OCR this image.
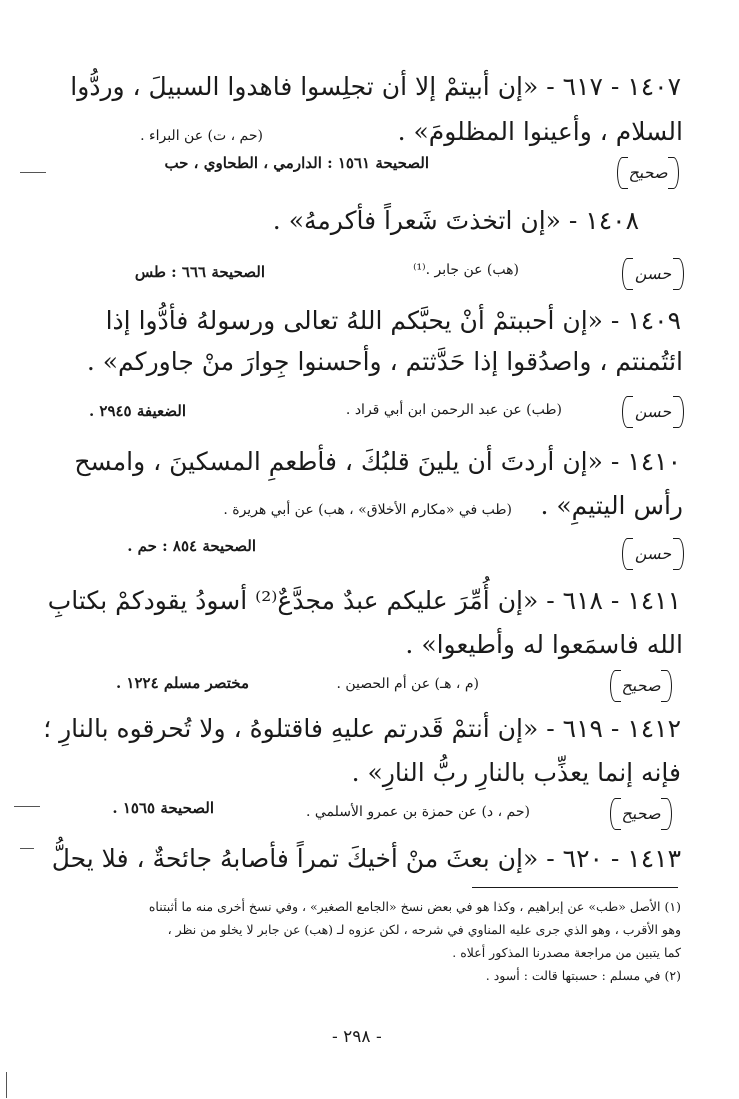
١٤٠٧ - ٦١٧ - «إن أبيتمْ إلا أن تجلِسوا فاهدوا السبيلَ ، وردُّوا
السلام ، وأعينوا المظلومَ» .
(حم ، ت) عن البراء .
الصحيحة ١٥٦١ : الدارمي ، الطحاوي ، حب	صحيح
١٤٠٨ - «إن اتخذتَ شَعراً فأكرمهُ» .
حسن
(هب) عن جابر .⁽¹⁾
الصحيحة ٦٦٦ : طس
١٤٠٩ - «إن أحببتمْ أنْ يحبَّكم اللهُ تعالى ورسولهُ فأدُّوا إذا
ائتُمنتم ، واصدُقوا إذا حَدَّثتم ، وأحسنوا جِوارَ منْ جاوركم» .
حسن
(طب) عن عبد الرحمن ابن أبي قراد .
الضعيفة ٢٩٤٥ .
١٤١٠ - «إن أردتَ أن يلينَ قلبُكَ ، فأطعمِ المسكينَ ، وامسح
رأس اليتيمِ» .
(طب في «مكارم الأخلاق» ، هب) عن أبي هريرة .
الصحيحة ٨٥٤ : حم .	حسن
١٤١١ - ٦١٨ - «إن أُمِّرَ عليكم عبدٌ مجدَّعٌ⁽²⁾ أسودُ يقودكمْ بكتابِ
الله فاسمَعوا له وأطيعوا» .
صحيح
(م ، هـ) عن أم الحصين .
مختصر مسلم ١٢٢٤ .
١٤١٢ - ٦١٩ - «إن أنتمْ قَدرتم عليهِ فاقتلوهُ ، ولا تُحرقوه بالنارِ ؛
فإنه إنما يعذِّب بالنارِ ربُّ النارِ» .
صحيح
(حم ، د) عن حمزة بن عمرو الأسلمي .
الصحيحة ١٥٦٥ .
١٤١٣ - ٦٢٠ - «إن بعثَ منْ أخيكَ تمراً فأصابهُ جائحةٌ ، فلا يحلُّ
(١) الأصل «طب» عن إبراهيم ، وكذا هو في بعض نسخ «الجامع الصغير» ، وفي نسخ أخرى منه ما أثبتناه
وهو الأقرب ، وهو الذي جرى عليه المناوي في شرحه ، لكن عزوه لـ (هب) عن جابر لا يخلو من نظر ،
كما يتبين من مراجعة مصدرنا المذكور أعلاه .
(٢) في مسلم : حسبتها قالت : أسود .
- ٢٩٨ -
